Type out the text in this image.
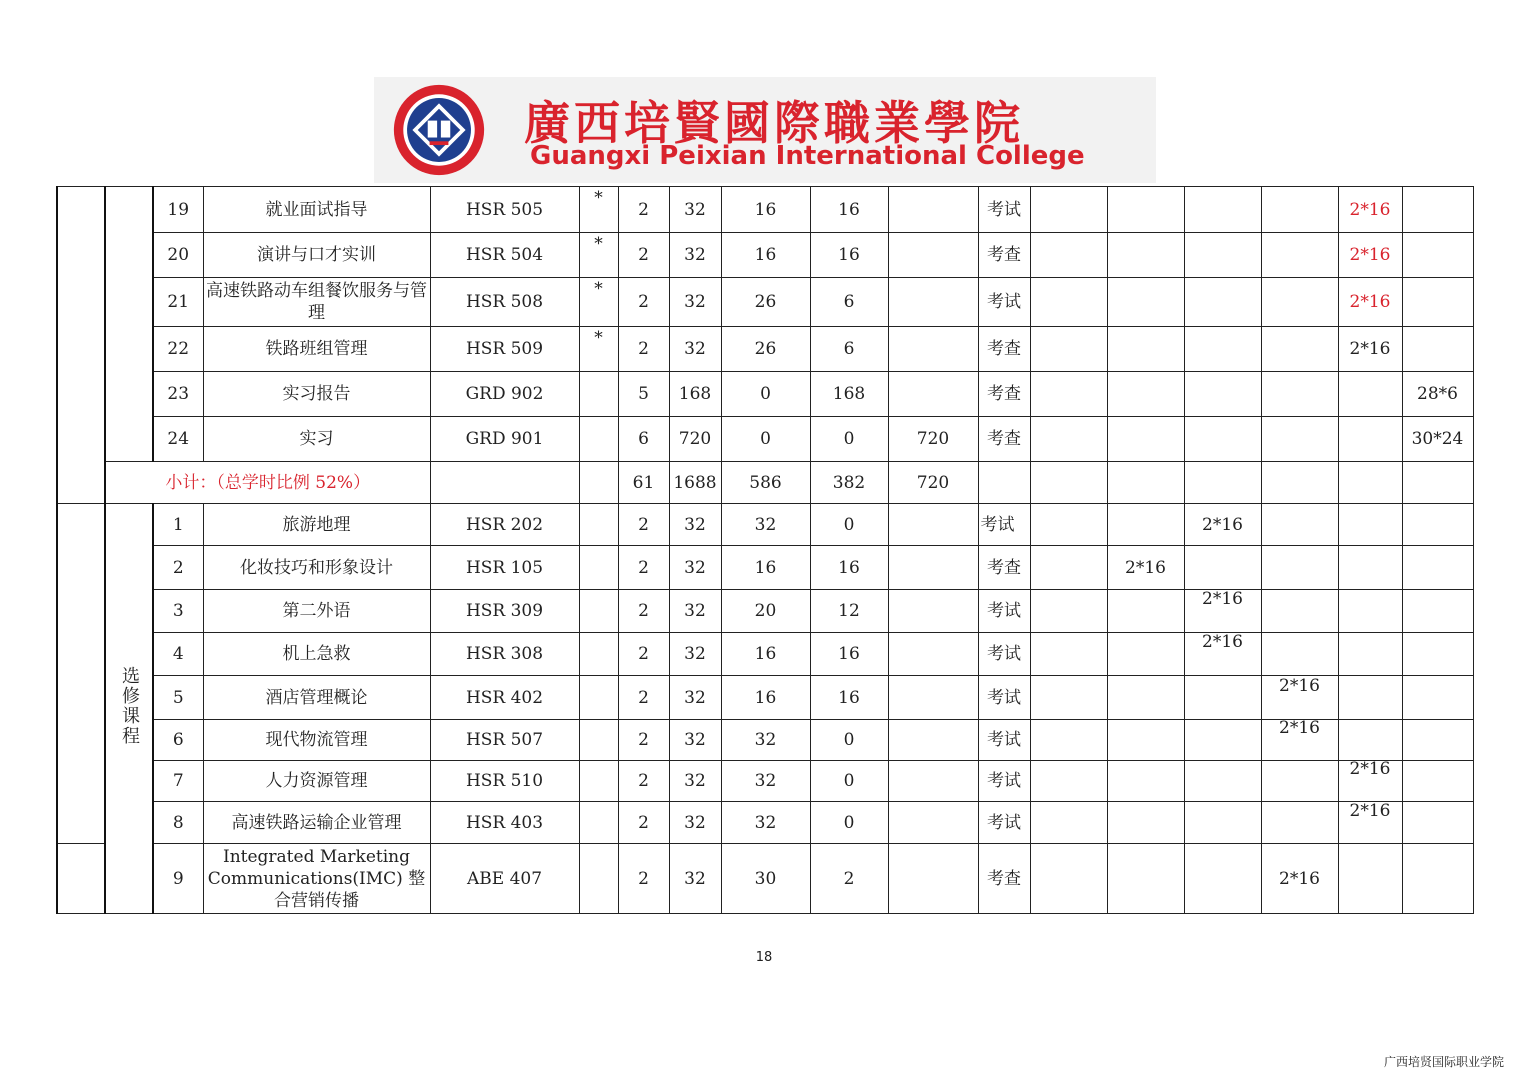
廣西培賢國際職業學院
Guangxi Peixian International College
		19	就业面试指导	HSR 505	*	2	32	16	16		考试					2*16	
		20	演讲与口才实训	HSR 504	*	2	32	16	16		考查					2*16	
		21	高速铁路动车组餐饮服务与管理	HSR 508	*	2	32	26	6		考试					2*16	
		22	铁路班组管理	HSR 509	*	2	32	26	6		考查					2*16	
		23	实习报告	GRD 902		5	168	0	168		考查						28*6
		24	实习	GRD 901		6	720	0	0	720	考查						30*24
	小计：（总学时比例 52%）					61	1688	586	382	720							
	选修课程	1	旅游地理	HSR 202		2	32	32	0		考试			2*16			
		2	化妆技巧和形象设计	HSR 105		2	32	16	16		考查		2*16				
		3	第二外语	HSR 309		2	32	20	12		考试			2*16			
		4	机上急救	HSR 308		2	32	16	16		考试			2*16			
		5	酒店管理概论	HSR 402		2	32	16	16		考试				2*16		
		6	现代物流管理	HSR 507		2	32	32	0		考试				2*16		
		7	人力资源管理	HSR 510		2	32	32	0		考试					2*16	
		8	高速铁路运输企业管理	HSR 403		2	32	32	0		考试					2*16	
		9	Integrated Marketing Communications(IMC) 整合营销传播	ABE 407		2	32	30	2		考查				2*16		
18
广西培贤国际职业学院
